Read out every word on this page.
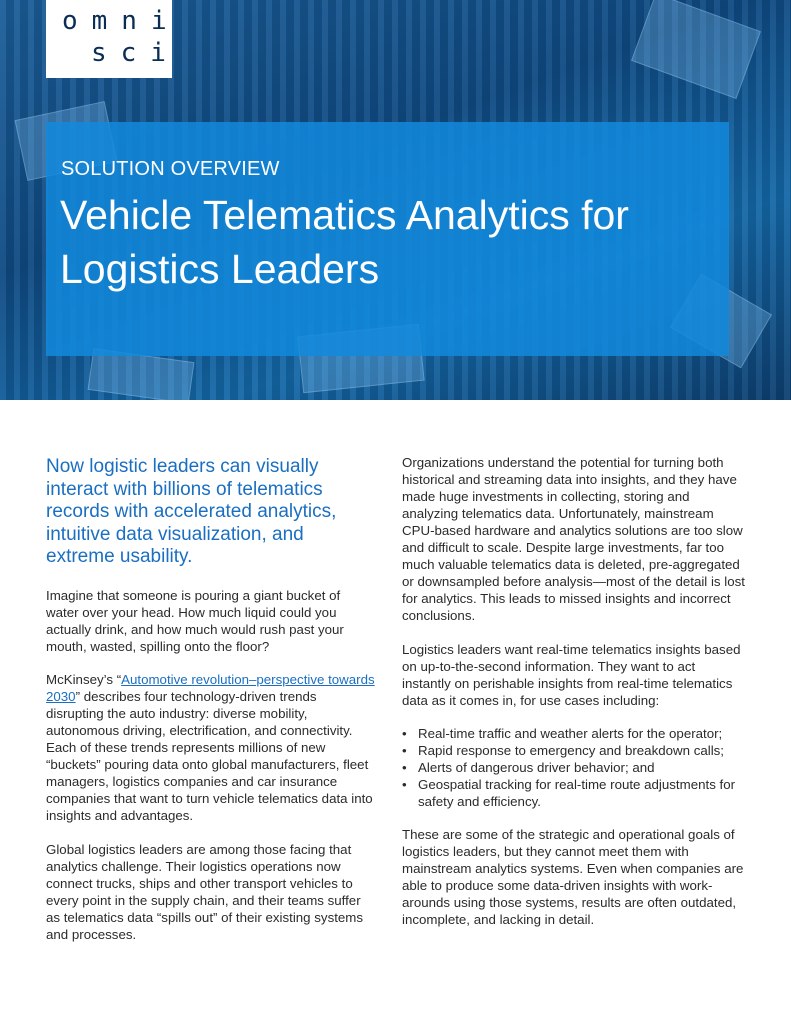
omni
sci
SOLUTION OVERVIEW
Vehicle Telematics Analytics for Logistics Leaders
Now logistic leaders can visually interact with billions of telematics records with accelerated analytics, intuitive data visualization, and extreme usability.

Imagine that someone is pouring a giant bucket of water over your head. How much liquid could you actually drink, and how much would rush past your mouth, wasted, spilling onto the floor?

McKinsey’s “Automotive revolution–perspective towards 2030” describes four technology-driven trends disrupting the auto industry: diverse mobility, autonomous driving, electrification, and connectivity. Each of these trends represents millions of new “buckets” pouring data onto global manufacturers, fleet managers, logistics companies and car insurance companies that want to turn vehicle telematics data into insights and advantages.

Global logistics leaders are among those facing that analytics challenge. Their logistics operations now connect trucks, ships and other transport vehicles to every point in the supply chain, and their teams suffer as telematics data “spills out” of their existing systems and processes.

Organizations understand the potential for turning both historical and streaming data into insights, and they have made huge investments in collecting, storing and analyzing telematics data. Unfortunately, mainstream CPU-based hardware and analytics solutions are too slow and difficult to scale. Despite large investments, far too much valuable telematics data is deleted, pre-aggregated or downsampled before analysis—most of the detail is lost for analytics. This leads to missed insights and incorrect conclusions.

Logistics leaders want real-time telematics insights based on up-to-the-second information. They want to act instantly on perishable insights from real-time telematics data as it comes in, for use cases including:

• Real-time traffic and weather alerts for the operator;
• Rapid response to emergency and breakdown calls;
• Alerts of dangerous driver behavior; and
• Geospatial tracking for real-time route adjustments for safety and efficiency.

These are some of the strategic and operational goals of logistics leaders, but they cannot meet them with mainstream analytics systems. Even when companies are able to produce some data-driven insights with work-arounds using those systems, results are often outdated, incomplete, and lacking in detail.
